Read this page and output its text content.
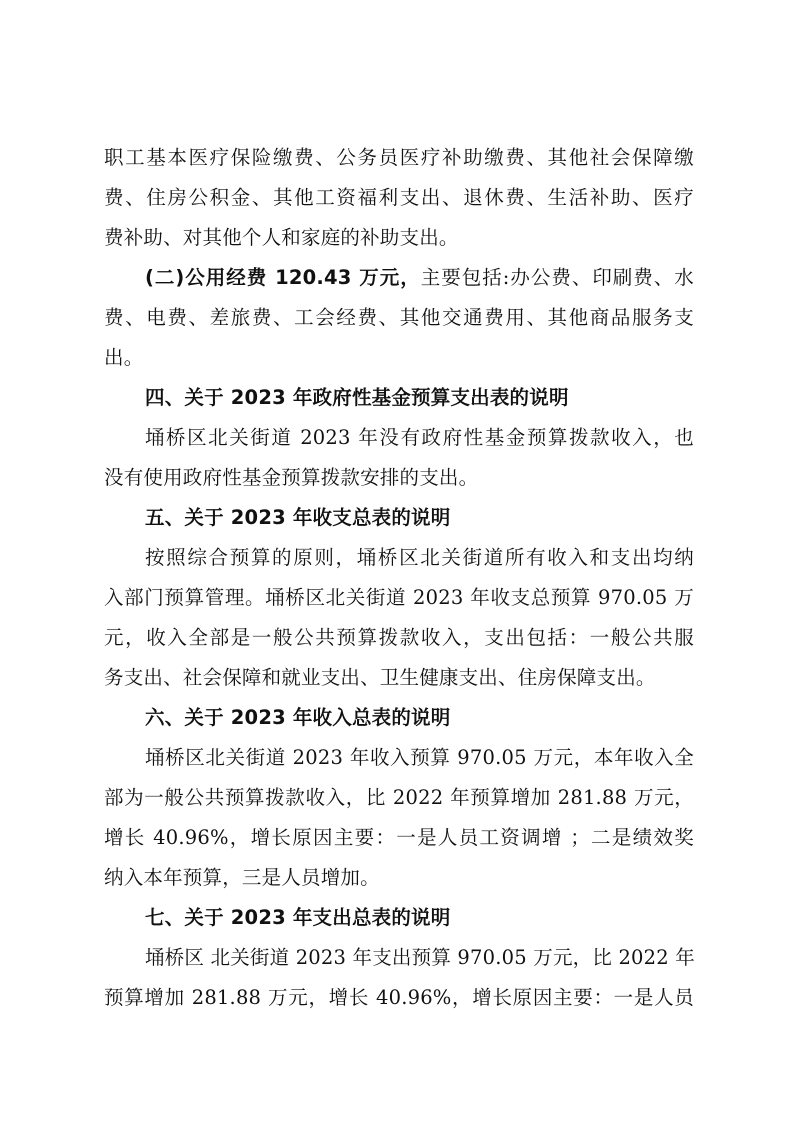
职工基本医疗保险缴费、公务员医疗补助缴费、其他社会保障缴
费、住房公积金、其他工资福利支出、退休费、生活补助、医疗
费补助、对其他个人和家庭的补助支出。
(二)公用经费 120.43 万元，主要包括:办公费、印刷费、水
费、电费、差旅费、工会经费、其他交通费用、其他商品服务支
出。
四、关于 2023 年政府性基金预算支出表的说明
埇桥区北关街道 2023 年没有政府性基金预算拨款收入，也
没有使用政府性基金预算拨款安排的支出。
五、关于 2023 年收支总表的说明
按照综合预算的原则，埇桥区北关街道所有收入和支出均纳
入部门预算管理。埇桥区北关街道 2023 年收支总预算 970.05 万
元，收入全部是一般公共预算拨款收入，支出包括：一般公共服
务支出、社会保障和就业支出、卫生健康支出、住房保障支出。
六、关于 2023 年收入总表的说明
埇桥区北关街道 2023 年收入预算 970.05 万元，本年收入全
部为一般公共预算拨款收入，比 2022 年预算增加 281.88 万元，
增长 40.96%，增长原因主要：一是人员工资调增 ；二是绩效奖
纳入本年预算，三是人员增加。
七、关于 2023 年支出总表的说明
埇桥区 北关街道 2023 年支出预算 970.05 万元，比 2022 年
预算增加 281.88 万元，增长 40.96%，增长原因主要：一是人员
